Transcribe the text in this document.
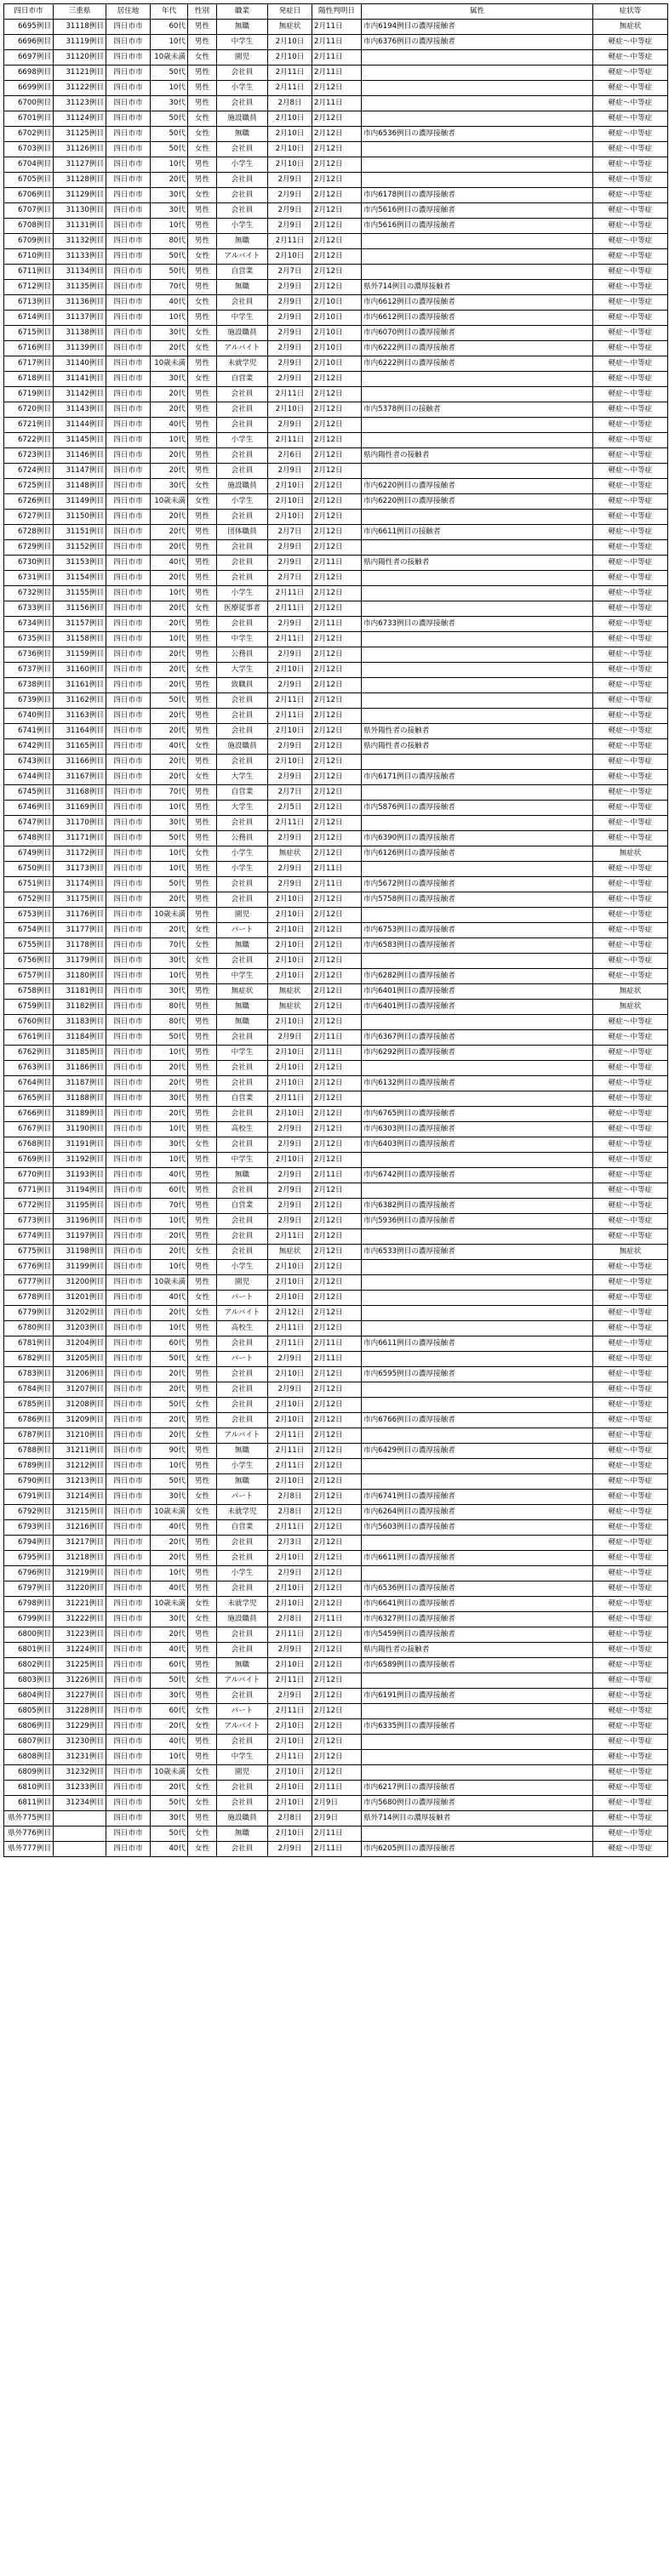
四日市市	三重県	居住地	年代	性別	職業	発症日	陽性判明日	属性	症状等
6695例目	31118例目	四日市市	60代	男性	無職	無症状	2月11日	市内6194例目の濃厚接触者	無症状
6696例目	31119例目	四日市市	10代	男性	中学生	2月10日	2月11日	市内6376例目の濃厚接触者	軽症～中等症
6697例目	31120例目	四日市市	10歳未満	女性	園児	2月10日	2月11日		軽症～中等症
6698例目	31121例目	四日市市	50代	男性	会社員	2月11日	2月11日		軽症～中等症
6699例目	31122例目	四日市市	10代	男性	小学生	2月11日	2月12日		軽症～中等症
6700例目	31123例目	四日市市	30代	男性	会社員	2月8日	2月11日		軽症～中等症
6701例目	31124例目	四日市市	50代	女性	施設職員	2月10日	2月12日		軽症～中等症
6702例目	31125例目	四日市市	50代	女性	無職	2月10日	2月12日	市内6536例目の濃厚接触者	軽症～中等症
6703例目	31126例目	四日市市	50代	女性	会社員	2月10日	2月12日		軽症～中等症
6704例目	31127例目	四日市市	10代	男性	小学生	2月10日	2月12日		軽症～中等症
6705例目	31128例目	四日市市	20代	男性	会社員	2月9日	2月12日		軽症～中等症
6706例目	31129例目	四日市市	30代	女性	会社員	2月9日	2月12日	市内6178例目の濃厚接触者	軽症～中等症
6707例目	31130例目	四日市市	30代	男性	会社員	2月9日	2月12日	市内5616例目の濃厚接触者	軽症～中等症
6708例目	31131例目	四日市市	10代	男性	小学生	2月9日	2月12日	市内5616例目の濃厚接触者	軽症～中等症
6709例目	31132例目	四日市市	80代	男性	無職	2月11日	2月12日		軽症～中等症
6710例目	31133例目	四日市市	50代	女性	アルバイト	2月10日	2月12日		軽症～中等症
6711例目	31134例目	四日市市	50代	男性	自営業	2月7日	2月12日		軽症～中等症
6712例目	31135例目	四日市市	70代	男性	無職	2月9日	2月12日	県外714例目の濃厚接触者	軽症～中等症
6713例目	31136例目	四日市市	40代	女性	会社員	2月9日	2月10日	市内6612例目の濃厚接触者	軽症～中等症
6714例目	31137例目	四日市市	10代	男性	中学生	2月9日	2月10日	市内6612例目の濃厚接触者	軽症～中等症
6715例目	31138例目	四日市市	30代	女性	施設職員	2月9日	2月10日	市内6070例目の濃厚接触者	軽症～中等症
6716例目	31139例目	四日市市	20代	女性	アルバイト	2月9日	2月10日	市内6222例目の濃厚接触者	軽症～中等症
6717例目	31140例目	四日市市	10歳未満	男性	未就学児	2月9日	2月10日	市内6222例目の濃厚接触者	軽症～中等症
6718例目	31141例目	四日市市	30代	女性	自営業	2月9日	2月12日		軽症～中等症
6719例目	31142例目	四日市市	20代	男性	会社員	2月11日	2月12日		軽症～中等症
6720例目	31143例目	四日市市	20代	男性	会社員	2月10日	2月12日	市内5378例目の接触者	軽症～中等症
6721例目	31144例目	四日市市	40代	男性	会社員	2月9日	2月12日		軽症～中等症
6722例目	31145例目	四日市市	10代	男性	小学生	2月11日	2月12日		軽症～中等症
6723例目	31146例目	四日市市	20代	男性	会社員	2月6日	2月12日	県内陽性者の接触者	軽症～中等症
6724例目	31147例目	四日市市	20代	男性	会社員	2月9日	2月12日		軽症～中等症
6725例目	31148例目	四日市市	30代	女性	施設職員	2月10日	2月12日	市内6220例目の濃厚接触者	軽症～中等症
6726例目	31149例目	四日市市	10歳未満	女性	小学生	2月10日	2月12日	市内6220例目の濃厚接触者	軽症～中等症
6727例目	31150例目	四日市市	20代	男性	会社員	2月10日	2月12日		軽症～中等症
6728例目	31151例目	四日市市	20代	男性	団体職員	2月7日	2月12日	市内6611例目の接触者	軽症～中等症
6729例目	31152例目	四日市市	20代	男性	会社員	2月9日	2月12日		軽症～中等症
6730例目	31153例目	四日市市	40代	男性	会社員	2月9日	2月11日	県内陽性者の接触者	軽症～中等症
6731例目	31154例目	四日市市	20代	男性	会社員	2月7日	2月12日		軽症～中等症
6732例目	31155例目	四日市市	10代	男性	小学生	2月11日	2月12日		軽症～中等症
6733例目	31156例目	四日市市	20代	女性	医療従事者	2月11日	2月12日		軽症～中等症
6734例目	31157例目	四日市市	20代	男性	会社員	2月9日	2月11日	市内6733例目の濃厚接触者	軽症～中等症
6735例目	31158例目	四日市市	10代	男性	中学生	2月11日	2月12日		軽症～中等症
6736例目	31159例目	四日市市	20代	男性	公務員	2月9日	2月12日		軽症～中等症
6737例目	31160例目	四日市市	20代	女性	大学生	2月10日	2月12日		軽症～中等症
6738例目	31161例目	四日市市	20代	男性	致職員	2月9日	2月12日		軽症～中等症
6739例目	31162例目	四日市市	50代	男性	会社員	2月11日	2月12日		軽症～中等症
6740例目	31163例目	四日市市	20代	男性	会社員	2月11日	2月12日		軽症～中等症
6741例目	31164例目	四日市市	20代	男性	会社員	2月10日	2月12日	県外陽性者の接触者	軽症～中等症
6742例目	31165例目	四日市市	40代	女性	施設職員	2月9日	2月12日	県内陽性者の接触者	軽症～中等症
6743例目	31166例目	四日市市	20代	男性	会社員	2月10日	2月12日		軽症～中等症
6744例目	31167例目	四日市市	20代	女性	大学生	2月9日	2月12日	市内6171例目の濃厚接触者	軽症～中等症
6745例目	31168例目	四日市市	70代	男性	自営業	2月7日	2月12日		軽症～中等症
6746例目	31169例目	四日市市	10代	男性	大学生	2月5日	2月12日	市内5876例目の濃厚接触者	軽症～中等症
6747例目	31170例目	四日市市	30代	男性	会社員	2月11日	2月12日		軽症～中等症
6748例目	31171例目	四日市市	50代	男性	公務員	2月9日	2月12日	市内6390例目の濃厚接触者	軽症～中等症
6749例目	31172例目	四日市市	10代	女性	小学生	無症状	2月12日	市内6126例目の濃厚接触者	無症状
6750例目	31173例目	四日市市	10代	男性	小学生	2月9日	2月11日		軽症～中等症
6751例目	31174例目	四日市市	50代	男性	会社員	2月9日	2月11日	市内5672例目の濃厚接触者	軽症～中等症
6752例目	31175例目	四日市市	20代	男性	会社員	2月10日	2月12日	市内5758例目の濃厚接触者	軽症～中等症
6753例目	31176例目	四日市市	10歳未満	男性	園児	2月10日	2月12日		軽症～中等症
6754例目	31177例目	四日市市	20代	女性	パート	2月10日	2月12日	市内6753例目の濃厚接触者	軽症～中等症
6755例目	31178例目	四日市市	70代	女性	無職	2月10日	2月12日	市内6583例目の濃厚接触者	軽症～中等症
6756例目	31179例目	四日市市	30代	女性	会社員	2月10日	2月12日		軽症～中等症
6757例目	31180例目	四日市市	10代	男性	中学生	2月10日	2月12日	市内6282例目の濃厚接触者	軽症～中等症
6758例目	31181例目	四日市市	30代	男性	無症状	無症状	2月12日	市内6401例目の濃厚接触者	無症状
6759例目	31182例目	四日市市	80代	男性	無職	無症状	2月12日	市内6401例目の濃厚接触者	無症状
6760例目	31183例目	四日市市	80代	男性	無職	2月10日	2月12日		軽症～中等症
6761例目	31184例目	四日市市	50代	男性	会社員	2月9日	2月11日	市内6367例目の濃厚接触者	軽症～中等症
6762例目	31185例目	四日市市	10代	男性	中学生	2月10日	2月11日	市内6292例目の濃厚接触者	軽症～中等症
6763例目	31186例目	四日市市	20代	男性	会社員	2月10日	2月12日		軽症～中等症
6764例目	31187例目	四日市市	20代	男性	会社員	2月10日	2月12日	市内6132例目の濃厚接触者	軽症～中等症
6765例目	31188例目	四日市市	30代	男性	自営業	2月11日	2月12日		軽症～中等症
6766例目	31189例目	四日市市	20代	男性	会社員	2月10日	2月12日	市内6765例目の濃厚接触者	軽症～中等症
6767例目	31190例目	四日市市	10代	男性	高校生	2月9日	2月12日	市内6303例目の濃厚接触者	軽症～中等症
6768例目	31191例目	四日市市	30代	女性	会社員	2月9日	2月12日	市内6403例目の濃厚接触者	軽症～中等症
6769例目	31192例目	四日市市	10代	男性	中学生	2月10日	2月12日		軽症～中等症
6770例目	31193例目	四日市市	40代	男性	無職	2月9日	2月11日	市内6742例目の濃厚接触者	軽症～中等症
6771例目	31194例目	四日市市	60代	男性	会社員	2月9日	2月12日		軽症～中等症
6772例目	31195例目	四日市市	70代	男性	自営業	2月9日	2月12日	市内6382例目の濃厚接触者	軽症～中等症
6773例目	31196例目	四日市市	10代	男性	会社員	2月9日	2月12日	市内5936例目の濃厚接触者	軽症～中等症
6774例目	31197例目	四日市市	20代	男性	会社員	2月11日	2月12日		軽症～中等症
6775例目	31198例目	四日市市	20代	女性	会社員	無症状	2月12日	市内6533例目の濃厚接触者	無症状
6776例目	31199例目	四日市市	10代	男性	小学生	2月10日	2月12日		軽症～中等症
6777例目	31200例目	四日市市	10歳未満	男性	園児	2月10日	2月12日		軽症～中等症
6778例目	31201例目	四日市市	40代	女性	パート	2月10日	2月12日		軽症～中等症
6779例目	31202例目	四日市市	20代	女性	アルバイト	2月12日	2月12日		軽症～中等症
6780例目	31203例目	四日市市	10代	男性	高校生	2月11日	2月12日		軽症～中等症
6781例目	31204例目	四日市市	60代	男性	会社員	2月11日	2月11日	市内6611例目の濃厚接触者	軽症～中等症
6782例目	31205例目	四日市市	50代	女性	パート	2月9日	2月11日		軽症～中等症
6783例目	31206例目	四日市市	20代	男性	会社員	2月10日	2月12日	市内6595例目の濃厚接触者	軽症～中等症
6784例目	31207例目	四日市市	20代	男性	会社員	2月9日	2月12日		軽症～中等症
6785例目	31208例目	四日市市	50代	女性	会社員	2月10日	2月12日		軽症～中等症
6786例目	31209例目	四日市市	20代	男性	会社員	2月10日	2月12日	市内6766例目の濃厚接触者	軽症～中等症
6787例目	31210例目	四日市市	20代	女性	アルバイト	2月11日	2月12日		軽症～中等症
6788例目	31211例目	四日市市	90代	男性	無職	2月11日	2月12日	市内6429例目の濃厚接触者	軽症～中等症
6789例目	31212例目	四日市市	10代	男性	小学生	2月11日	2月12日		軽症～中等症
6790例目	31213例目	四日市市	50代	男性	無職	2月10日	2月12日		軽症～中等症
6791例目	31214例目	四日市市	30代	女性	パート	2月8日	2月12日	市内6741例目の濃厚接触者	軽症～中等症
6792例目	31215例目	四日市市	10歳未満	女性	未就学児	2月8日	2月12日	市内6264例目の濃厚接触者	軽症～中等症
6793例目	31216例目	四日市市	40代	男性	自営業	2月11日	2月12日	市内5603例目の濃厚接触者	軽症～中等症
6794例目	31217例目	四日市市	20代	男性	会社員	2月3日	2月12日		軽症～中等症
6795例目	31218例目	四日市市	20代	男性	会社員	2月10日	2月12日	市内6611例目の濃厚接触者	軽症～中等症
6796例目	31219例目	四日市市	10代	男性	小学生	2月9日	2月12日		軽症～中等症
6797例目	31220例目	四日市市	40代	男性	会社員	2月10日	2月12日	市内6536例目の濃厚接触者	軽症～中等症
6798例目	31221例目	四日市市	10歳未満	女性	未就学児	2月10日	2月12日	市内6641例目の濃厚接触者	軽症～中等症
6799例目	31222例目	四日市市	30代	女性	施設職員	2月8日	2月11日	市内6327例目の濃厚接触者	軽症～中等症
6800例目	31223例目	四日市市	20代	男性	会社員	2月11日	2月12日	市内5459例目の濃厚接触者	軽症～中等症
6801例目	31224例目	四日市市	40代	男性	会社員	2月9日	2月12日	県内陽性者の接触者	軽症～中等症
6802例目	31225例目	四日市市	60代	男性	無職	2月10日	2月12日	市内6589例目の濃厚接触者	軽症～中等症
6803例目	31226例目	四日市市	50代	女性	アルバイト	2月11日	2月12日		軽症～中等症
6804例目	31227例目	四日市市	30代	男性	会社員	2月9日	2月12日	市内6191例目の濃厚接触者	軽症～中等症
6805例目	31228例目	四日市市	60代	女性	パート	2月11日	2月12日		軽症～中等症
6806例目	31229例目	四日市市	20代	女性	アルバイト	2月10日	2月12日	市内6335例目の濃厚接触者	軽症～中等症
6807例目	31230例目	四日市市	40代	男性	会社員	2月10日	2月12日		軽症～中等症
6808例目	31231例目	四日市市	10代	男性	中学生	2月11日	2月12日		軽症～中等症
6809例目	31232例目	四日市市	10歳未満	女性	園児	2月10日	2月12日		軽症～中等症
6810例目	31233例目	四日市市	20代	女性	会社員	2月10日	2月11日	市内6217例目の濃厚接触者	軽症～中等症
6811例目	31234例目	四日市市	50代	女性	会社員	2月10日	2月9日	市内5680例目の濃厚接触者	軽症～中等症
県外775例目		四日市市	30代	男性	施設職員	2月8日	2月9日	県外714例目の濃厚接触者	軽症～中等症
県外776例目		四日市市	50代	女性	無職	2月10日	2月11日		軽症～中等症
県外777例目		四日市市	40代	女性	会社員	2月9日	2月11日	市内6205例目の濃厚接触者	軽症～中等症
